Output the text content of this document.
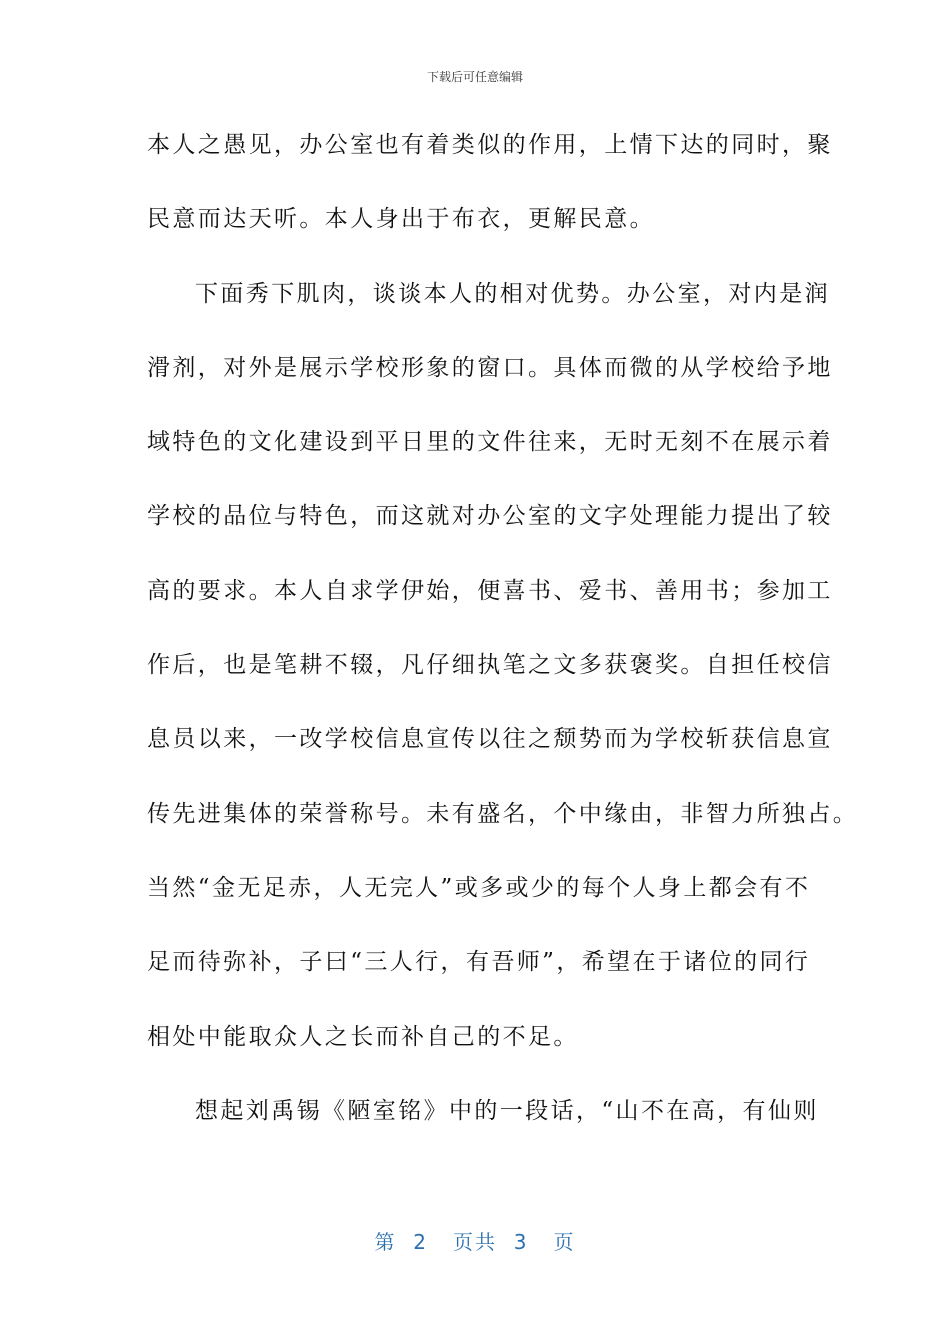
下载后可任意编辑
本人之愚见，办公室也有着类似的作用，上情下达的同时，聚
民意而达天听。本人身出于布衣，更解民意。
下面秀下肌肉，谈谈本人的相对优势。办公室，对内是润
滑剂，对外是展示学校形象的窗口。具体而微的从学校给予地
域特色的文化建设到平日里的文件往来，无时无刻不在展示着
学校的品位与特色，而这就对办公室的文字处理能力提出了较
高的要求。本人自求学伊始，便喜书、爱书、善用书；参加工
作后，也是笔耕不辍，凡仔细执笔之文多获褒奖。自担任校信
息员以来，一改学校信息宣传以往之颓势而为学校斩获信息宣
传先进集体的荣誉称号。未有盛名，个中缘由，非智力所独占。
当然“金无足赤，人无完人”或多或少的每个人身上都会有不
足而待弥补，子曰“三人行，有吾师”，希望在于诸位的同行
相处中能取众人之长而补自己的不足。
想起刘禹锡《陋室铭》中的一段话，“山不在高，有仙则
第 2 页共 3 页
